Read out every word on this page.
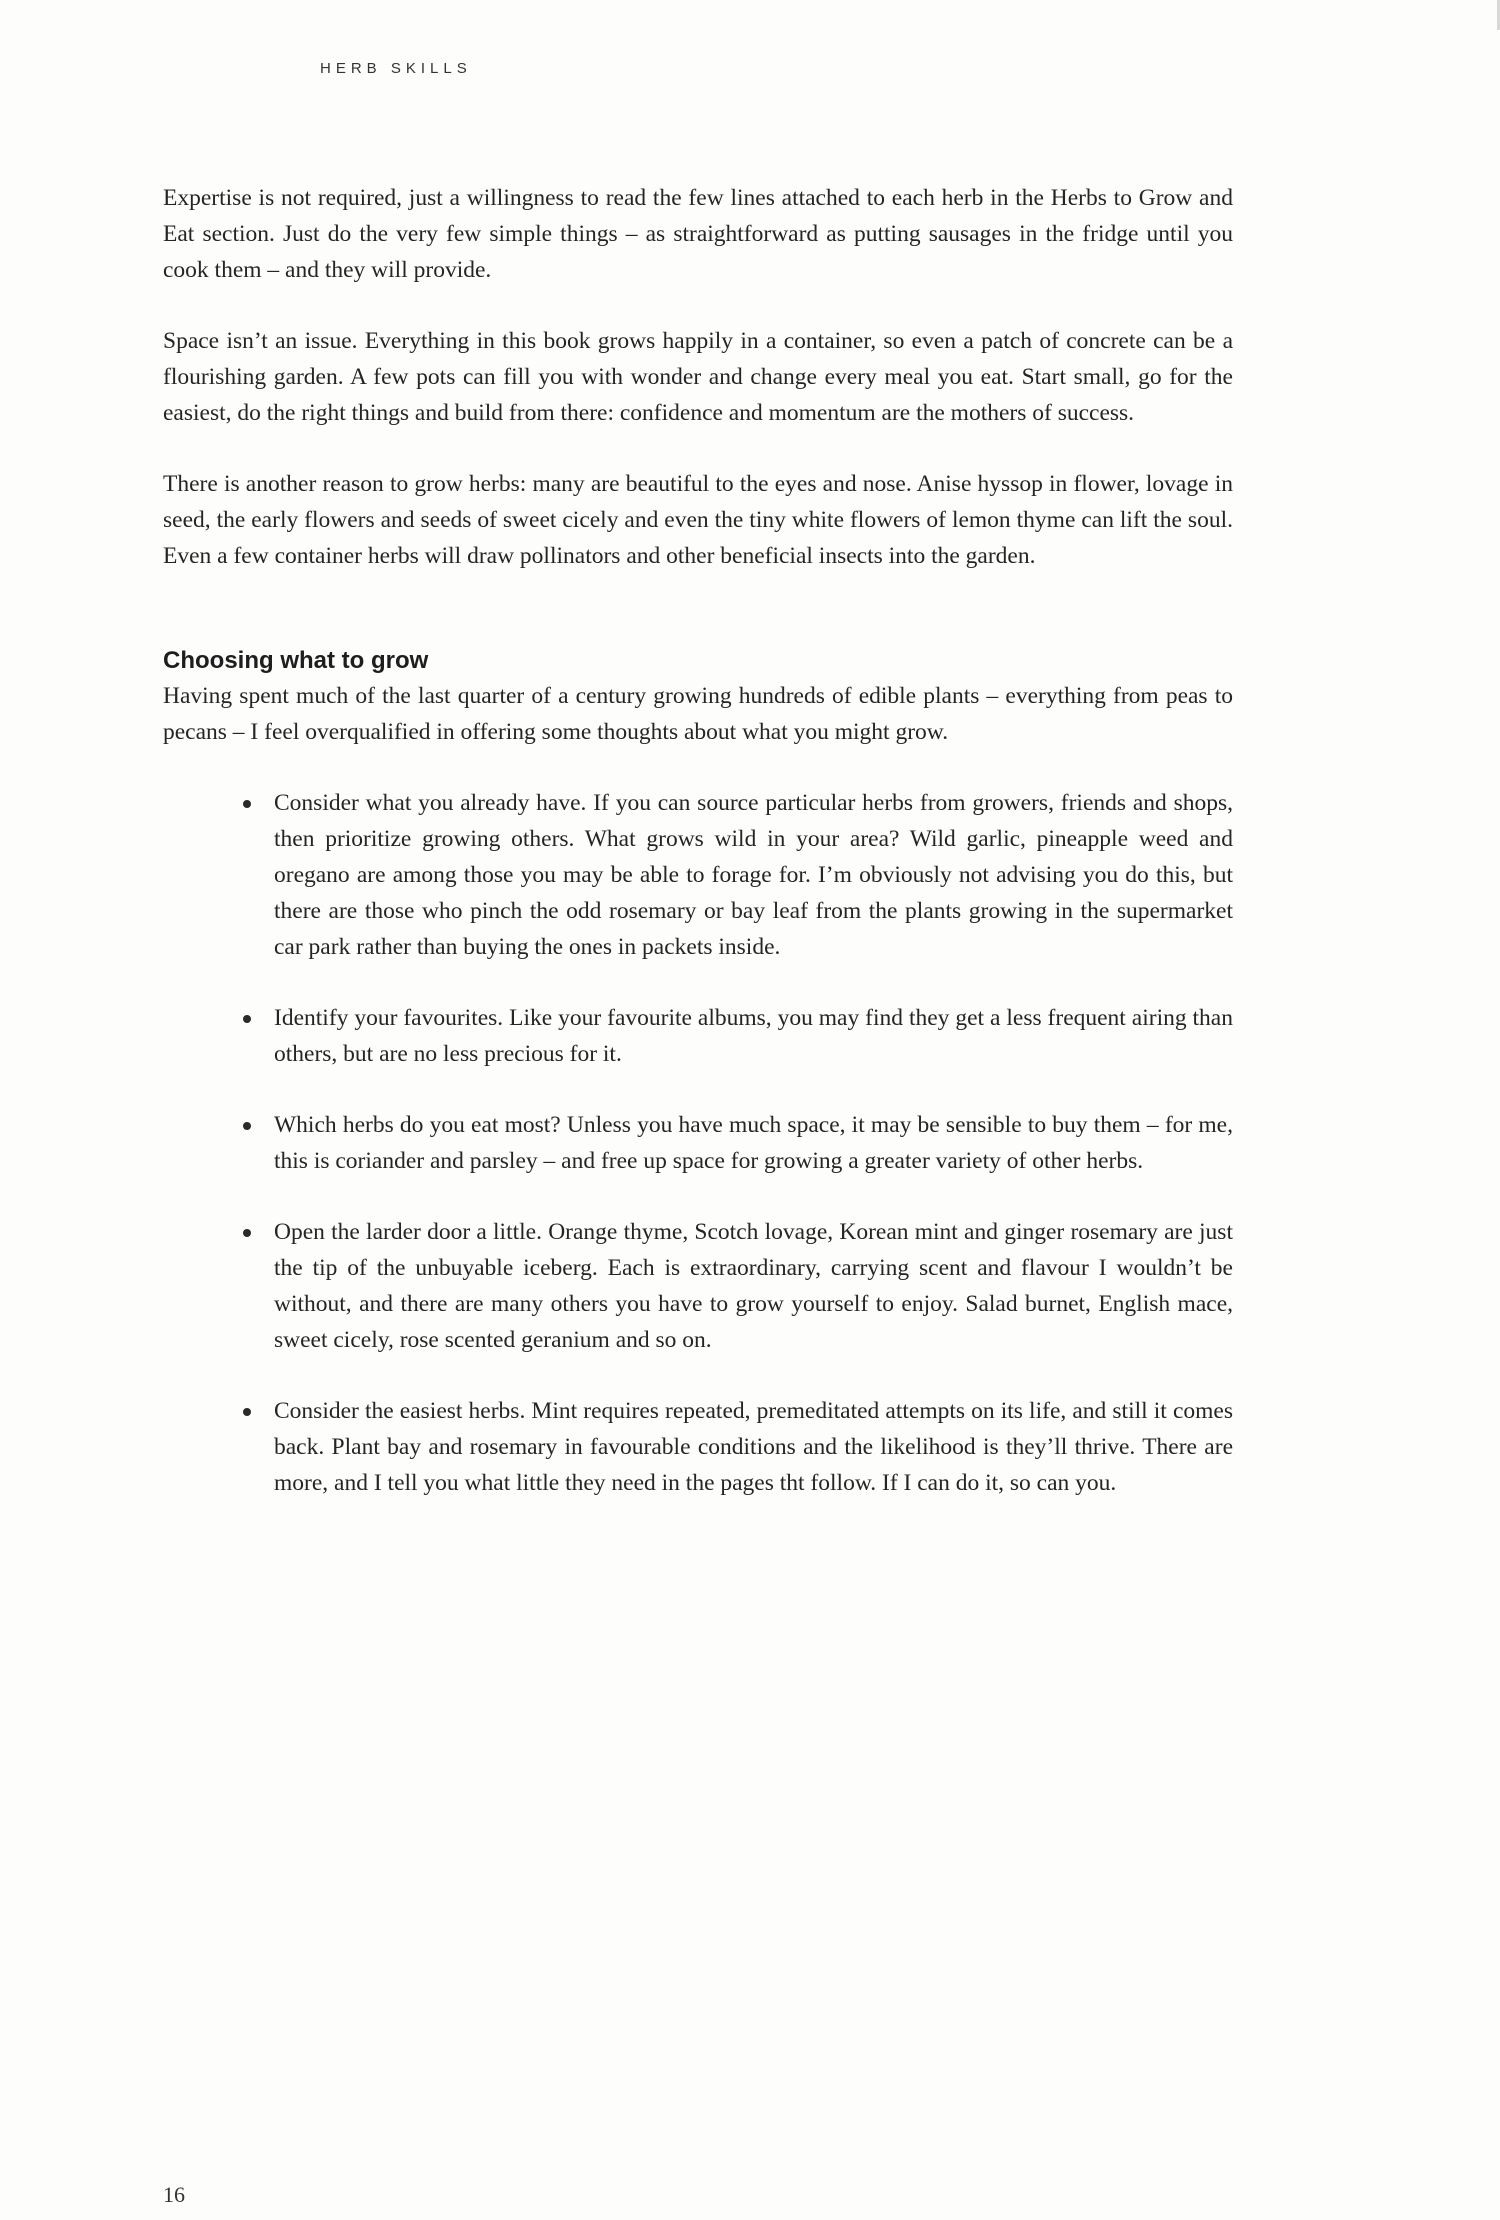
HERB SKILLS

Expertise is not required, just a willingness to read the few lines attached to each herb in the Herbs to Grow and Eat section. Just do the very few simple things – as straightforward as putting sausages in the fridge until you cook them – and they will provide.

Space isn’t an issue. Everything in this book grows happily in a container, so even a patch of concrete can be a flourishing garden. A few pots can fill you with wonder and change every meal you eat. Start small, go for the easiest, do the right things and build from there: confidence and momentum are the mothers of success.

There is another reason to grow herbs: many are beautiful to the eyes and nose. Anise hyssop in flower, lovage in seed, the early flowers and seeds of sweet cicely and even the tiny white flowers of lemon thyme can lift the soul. Even a few container herbs will draw pollinators and other beneficial insects into the garden.

Choosing what to grow

Having spent much of the last quarter of a century growing hundreds of edible plants – everything from peas to pecans – I feel overqualified in offering some thoughts about what you might grow.

Consider what you already have. If you can source particular herbs from growers, friends and shops, then prioritize growing others. What grows wild in your area? Wild garlic, pineapple weed and oregano are among those you may be able to forage for. I’m obviously not advising you do this, but there are those who pinch the odd rosemary or bay leaf from the plants growing in the supermarket car park rather than buying the ones in packets inside.
Identify your favourites. Like your favourite albums, you may find they get a less frequent airing than others, but are no less precious for it.
Which herbs do you eat most? Unless you have much space, it may be sensible to buy them – for me, this is coriander and parsley – and free up space for growing a greater variety of other herbs.
Open the larder door a little. Orange thyme, Scotch lovage, Korean mint and ginger rosemary are just the tip of the unbuyable iceberg. Each is extraordinary, carrying scent and flavour I wouldn’t be without, and there are many others you have to grow yourself to enjoy. Salad burnet, English mace, sweet cicely, rose scented geranium and so on.
Consider the easiest herbs. Mint requires repeated, premeditated attempts on its life, and still it comes back. Plant bay and rosemary in favourable conditions and the likelihood is they’ll thrive. There are more, and I tell you what little they need in the pages tht follow. If I can do it, so can you.
16
